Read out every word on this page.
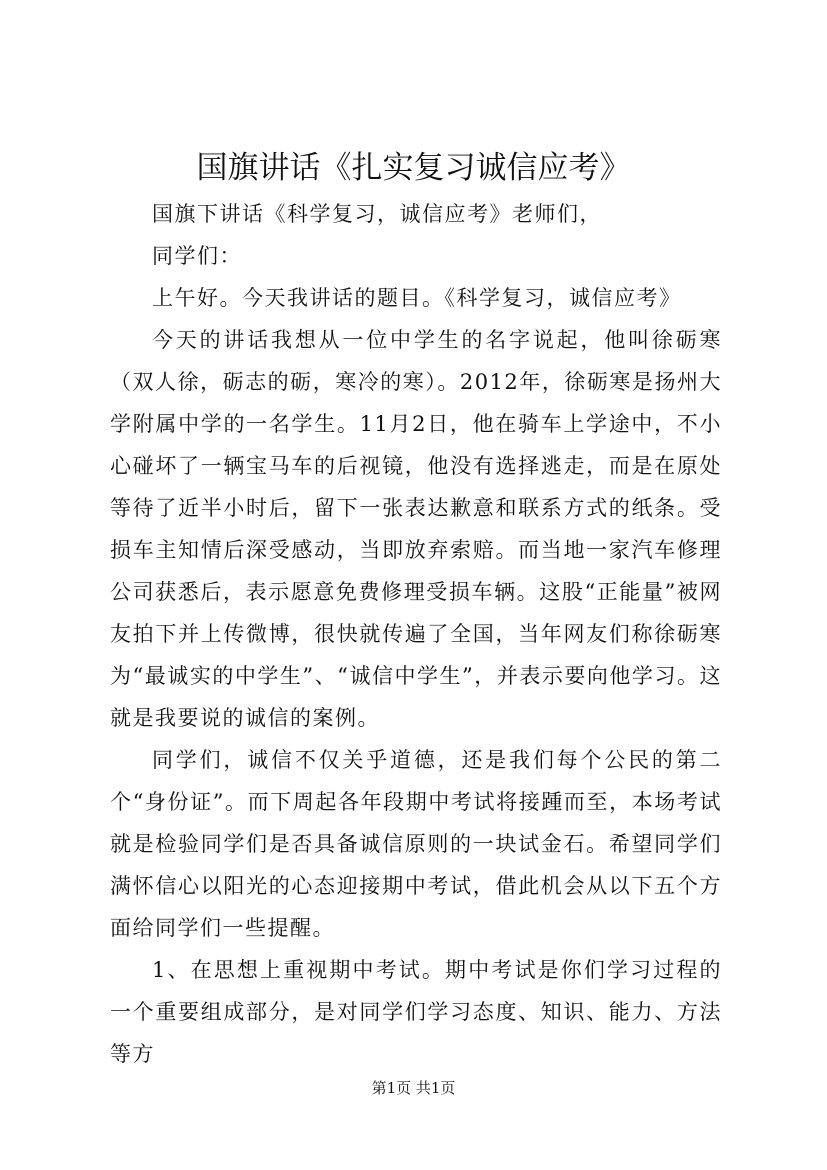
国旗讲话《扎实复习诚信应考》

国旗下讲话《科学复习，诚信应考》老师们，

同学们：

上午好。今天我讲话的题目。《科学复习，诚信应考》

今天的讲话我想从一位中学生的名字说起，他叫徐砺寒（双人徐，砺志的砺，寒冷的寒）。2012年，徐砺寒是扬州大学附属中学的一名学生。11月2日，他在骑车上学途中，不小心碰坏了一辆宝马车的后视镜，他没有选择逃走，而是在原处等待了近半小时后，留下一张表达歉意和联系方式的纸条。受损车主知情后深受感动，当即放弃索赔。而当地一家汽车修理公司获悉后，表示愿意免费修理受损车辆。这股“正能量”被网友拍下并上传微博，很快就传遍了全国，当年网友们称徐砺寒为“最诚实的中学生”、“诚信中学生”，并表示要向他学习。这就是我要说的诚信的案例。

同学们，诚信不仅关乎道德，还是我们每个公民的第二个“身份证”。而下周起各年段期中考试将接踵而至，本场考试就是检验同学们是否具备诚信原则的一块试金石。希望同学们满怀信心以阳光的心态迎接期中考试，借此机会从以下五个方面给同学们一些提醒。

1、在思想上重视期中考试。期中考试是你们学习过程的一个重要组成部分，是对同学们学习态度、知识、能力、方法等方

第1页 共1页
